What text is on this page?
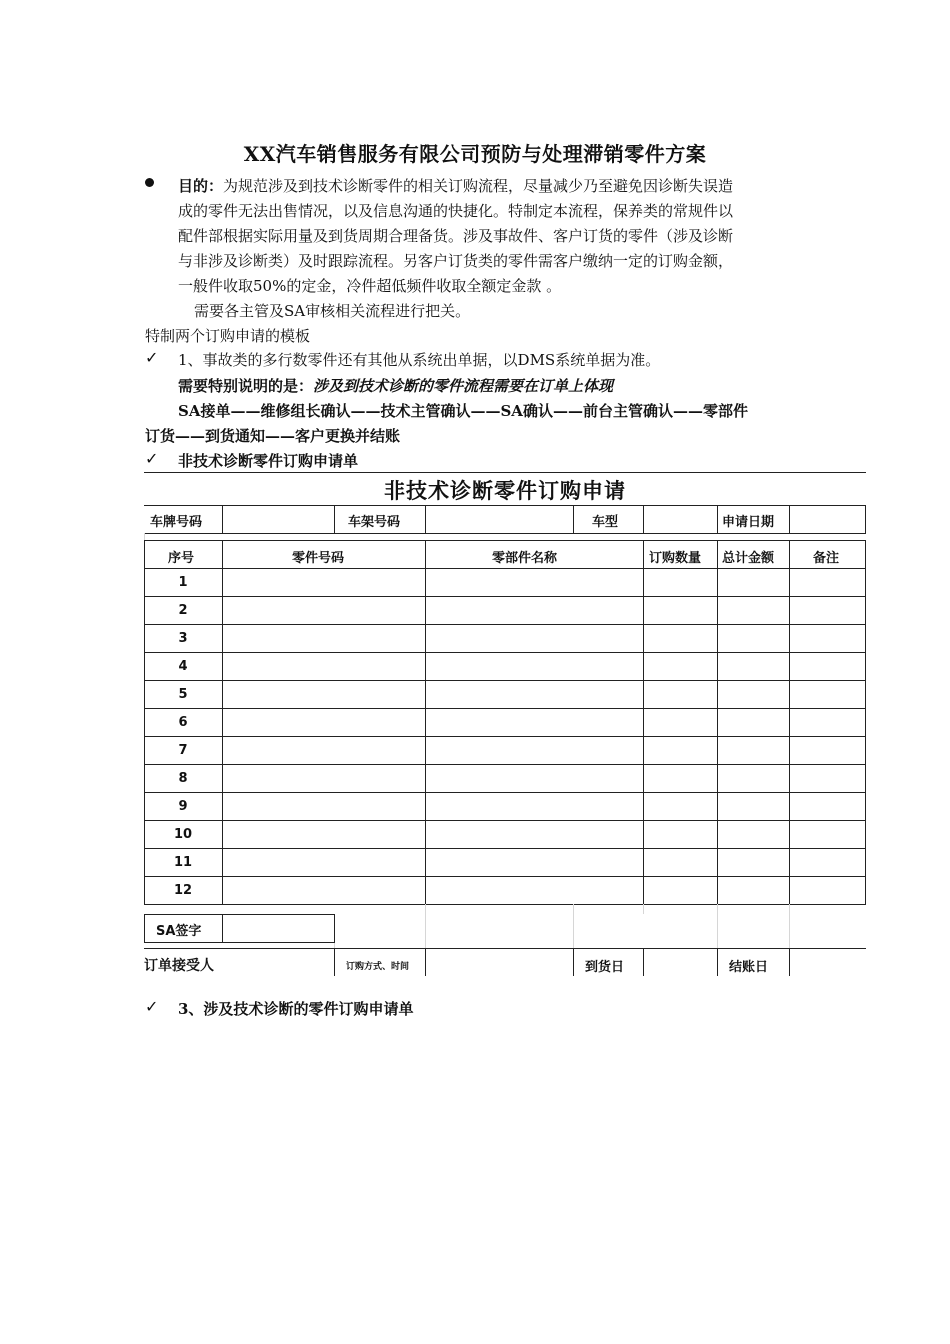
XX汽车销售服务有限公司预防与处理滞销零件方案
目的：为规范涉及到技术诊断零件的相关订购流程，尽量减少乃至避免因诊断失误造
成的零件无法出售情况，以及信息沟通的快捷化。特制定本流程，保养类的常规件以
配件部根据实际用量及到货周期合理备货。涉及事故件、客户订货的零件（涉及诊断
与非涉及诊断类）及时跟踪流程。另客户订货类的零件需客户缴纳一定的订购金额，
一般件收取50%的定金，冷件超低频件收取全额定金款 。
需要各主管及SA审核相关流程进行把关。
特制两个订购申请的模板
✓ 1、事故类的多行数零件还有其他从系统出单据，以DMS系统单据为准。
需要特别说明的是：涉及到技术诊断的零件流程需要在订单上体现
SA接单——维修组长确认——技术主管确认——SA确认——前台主管确认——零部件
订货——到货通知——客户更换并结账
✓ 非技术诊断零件订购申请单
非技术诊断零件订购申请
车牌号码	车架号码	车型	申请日期
序号	零件号码	零部件名称	订购数量 总计金额	备注
1
2
3
4
5
6
7
8
9
10
11
12
SA签字
订单接受人	订购方式、时间	到货日	结账日
✓ 3、涉及技术诊断的零件订购申请单
